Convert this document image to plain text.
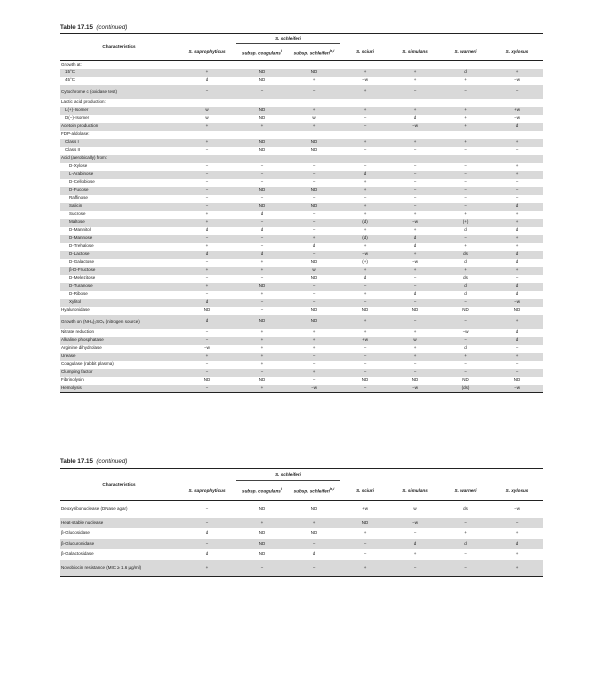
Table 17.15 (continued)
Characteristics		S. schleiferi					
	S. saprophyticus	subsp. coagulans$^i$	subsp. schleiferi$^{h,i}$	S. sciuri	S. simulans	S. warneri	S. xylosus
Growth at:							
15°C	+	ND	ND	+	+	d	+
45°C	d	ND	+	−w	+	+	−w
Cytochrome c (oxidase test)	−	−	−	+	−	−	−
Lactic acid production:							
L(+)-Isomer	w	ND	+	+	+	+	+w
D(−)-Isomer	w	ND	w	−	d	+	−w
Acetoin production	+	+	+	−	−w	+	d
FDP-aldolase:							
Class I	+	ND	ND	+	+	+	+
Class II	−	ND	ND	−	−	−	−
Acid (aerobically) from:							
D-Xylose	−	−	−	−	−	−	+
L-Arabinose	−	−	−	d	−	−	+
D-Cellobiose	−	−	−	+	−	−	−
D-Fucose	−	ND	ND	+	−	−	−
Raffinose	−	−	−	−	−	−	−
Salicin	−	ND	ND	+	−	−	d
Sucrose	+	d	−	+	+	+	+
Maltose	+	−	−	(d)	−w	(+)	+
D-Mannitol	d	d	−	+	+	d	d
D-Mannose	−	−	+	(d)	d	−	+
D-Trehalose	+	−	d	+	d	+	+
D-Lactose	d	d	−	−w	+	ds	d
D-Galactose	−	+	ND	(+)	−w	d	d
β-D-Fructose	+	+	w	+	+	+	+
D-Melezitose	−	−	ND	d	−	ds	−
D-Turanose	+	ND	−	−	−	d	d
D-Ribose	−	+	−	+	d	d	d
Xylitol	d	−	−	−	−	−	−w
Hyaluronidase	ND	−	ND	ND	ND	ND	ND
Growth on (NH₄)₂SO₄ (nitrogen source)	d	ND	ND	+	−	−	+
Nitrate reduction	−	+	+	+	+	−w	d
Alkaline phosphatase	−	+	+	+w	w	−	d
Arginine dihydrolase	−w	+	+	−	+	d	−
Urease	+	+	−	−	+	+	+
Coagulase (rabbit plasma)	−	+	−	−	−	−	−
Clumping factor	−	−	+	−	−	−	−
Fibrinolysin	ND	ND	−	ND	ND	ND	ND
Hemolysis	−	+	−w	−	−w	(ds)	−w
Table 17.15 (continued)
Characteristics		S. schleiferi					
	S. saprophyticus	subsp. coagulans$^i$	subsp. schleiferi$^{h,i}$	S. sciuri	S. simulans	S. warneri	S. xylosus
Deoxyribonuclease (DNase agar)	−	ND	ND	+w	w	ds	−w
Heat-stable nuclease	−	+	+	ND	−w	−	−
β-Glucosidase	d	ND	ND	+	−	+	+
β-Glucuronidase	−	ND	−	−	d	d	d
β-Galactosidase	d	ND	d	−	+	−	+
Novobiocin resistance (MIC ≥ 1.6 µg/ml)	+	−	−	+	−	−	+
